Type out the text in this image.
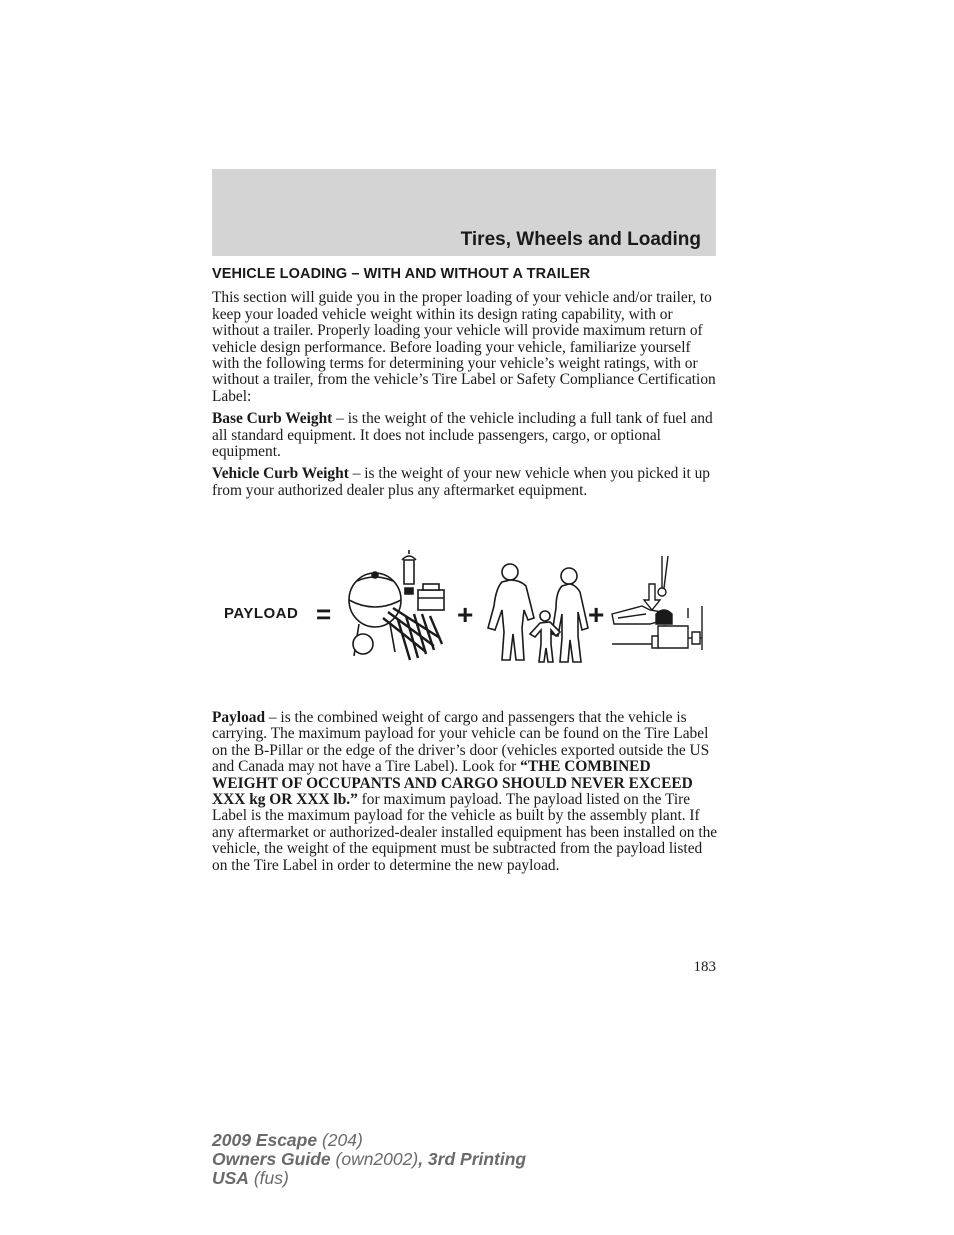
Tires, Wheels and Loading
VEHICLE LOADING – WITH AND WITHOUT A TRAILER

This section will guide you in the proper loading of your vehicle and/or trailer, to keep your loaded vehicle weight within its design rating capability, with or without a trailer. Properly loading your vehicle will provide maximum return of vehicle design performance. Before loading your vehicle, familiarize yourself with the following terms for determining your vehicle’s weight ratings, with or without a trailer, from the vehicle’s Tire Label or Safety Compliance Certification Label:

Base Curb Weight – is the weight of the vehicle including a full tank of fuel and all standard equipment. It does not include passengers, cargo, or optional equipment.

Vehicle Curb Weight – is the weight of your new vehicle when you picked it up from your authorized dealer plus any aftermarket equipment.

PAYLOAD =	+	+
Payload – is the combined weight of cargo and passengers that the vehicle is carrying. The maximum payload for your vehicle can be found on the Tire Label on the B-Pillar or the edge of the driver’s door (vehicles exported outside the US and Canada may not have a Tire Label). Look for “THE COMBINED WEIGHT OF OCCUPANTS AND CARGO SHOULD NEVER EXCEED XXX kg OR XXX lb.” for maximum payload. The payload listed on the Tire Label is the maximum payload for the vehicle as built by the assembly plant. If any aftermarket or authorized-dealer installed equipment has been installed on the vehicle, the weight of the equipment must be subtracted from the payload listed on the Tire Label in order to determine the new payload.
183
2009 Escape (204)
Owners Guide (own2002), 3rd Printing
USA (fus)
